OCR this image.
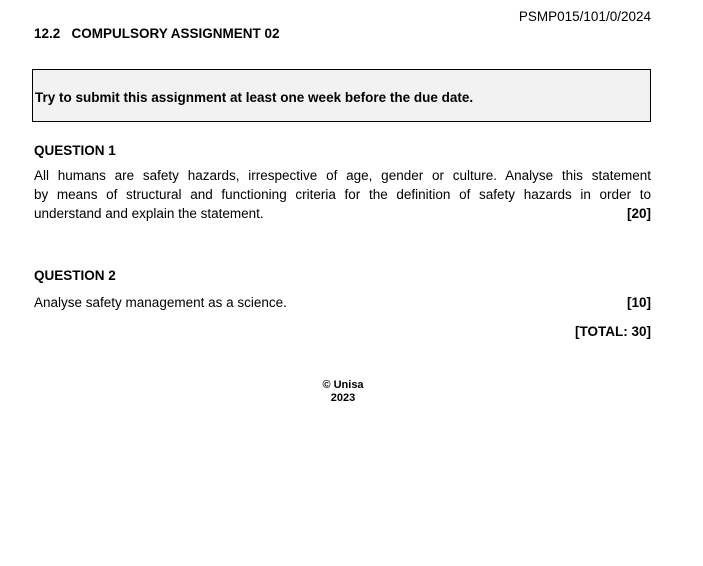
PSMP015/101/0/2024
12.2   COMPULSORY ASSIGNMENT 02
Try to submit this assignment at least one week before the due date.
QUESTION 1
All humans are safety hazards, irrespective of age, gender or culture. Analyse this statement
by means of structural and functioning criteria for the definition of safety hazards in order to
understand and explain the statement.	[20]
QUESTION 2
Analyse safety management as a science.	[10]
[TOTAL: 30]
© Unisa
2023
